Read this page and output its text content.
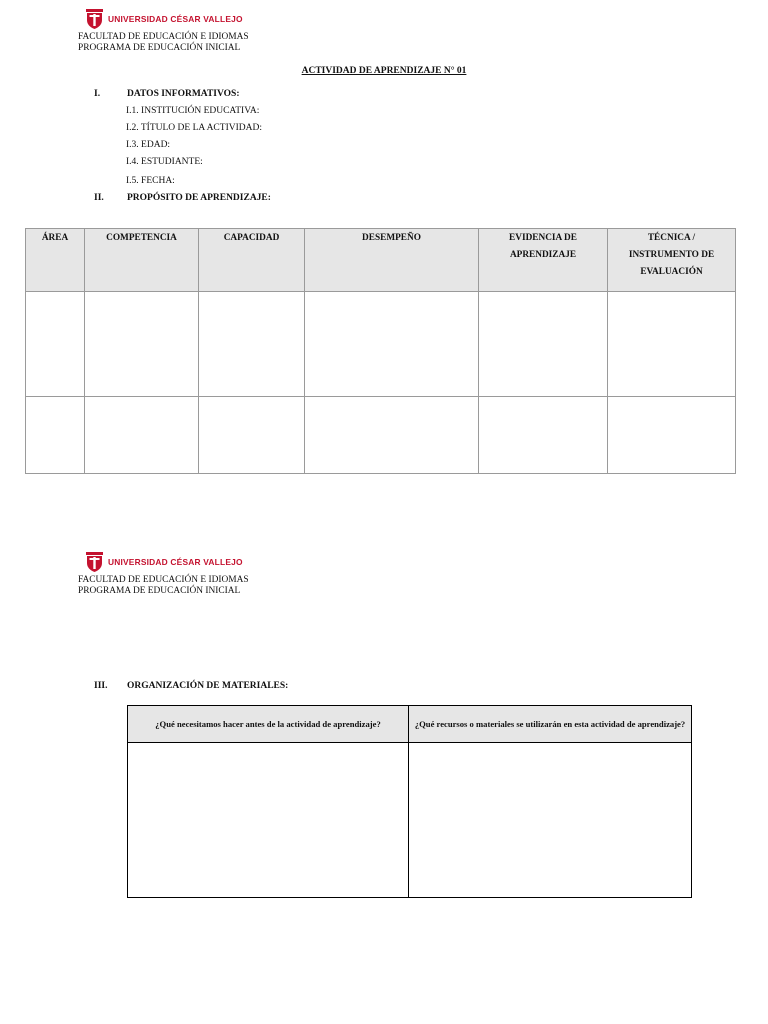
UNIVERSIDAD CÉSAR VALLEJO
FACULTAD DE EDUCACIÓN E IDIOMAS
PROGRAMA DE EDUCACIÓN INICIAL
ACTIVIDAD DE APRENDIZAJE N° 01
I.	DATOS INFORMATIVOS:
I.1. INSTITUCIÓN EDUCATIVA:
I.2. TÍTULO DE LA ACTIVIDAD:
I.3. EDAD:
I.4. ESTUDIANTE:
I.5. FECHA:
II. PROPÓSITO DE APRENDIZAJE:
ÁREA	COMPETENCIA	CAPACIDAD	DESEMPEÑO	EVIDENCIA DE APRENDIZAJE	TÉCNICA / INSTRUMENTO DE EVALUACIÓN

UNIVERSIDAD CÉSAR VALLEJO
FACULTAD DE EDUCACIÓN E IDIOMAS
PROGRAMA DE EDUCACIÓN INICIAL
III. ORGANIZACIÓN DE MATERIALES:
¿Qué necesitamos hacer antes de la actividad de aprendizaje?	¿Qué recursos o materiales se utilizarán en esta actividad de aprendizaje?
